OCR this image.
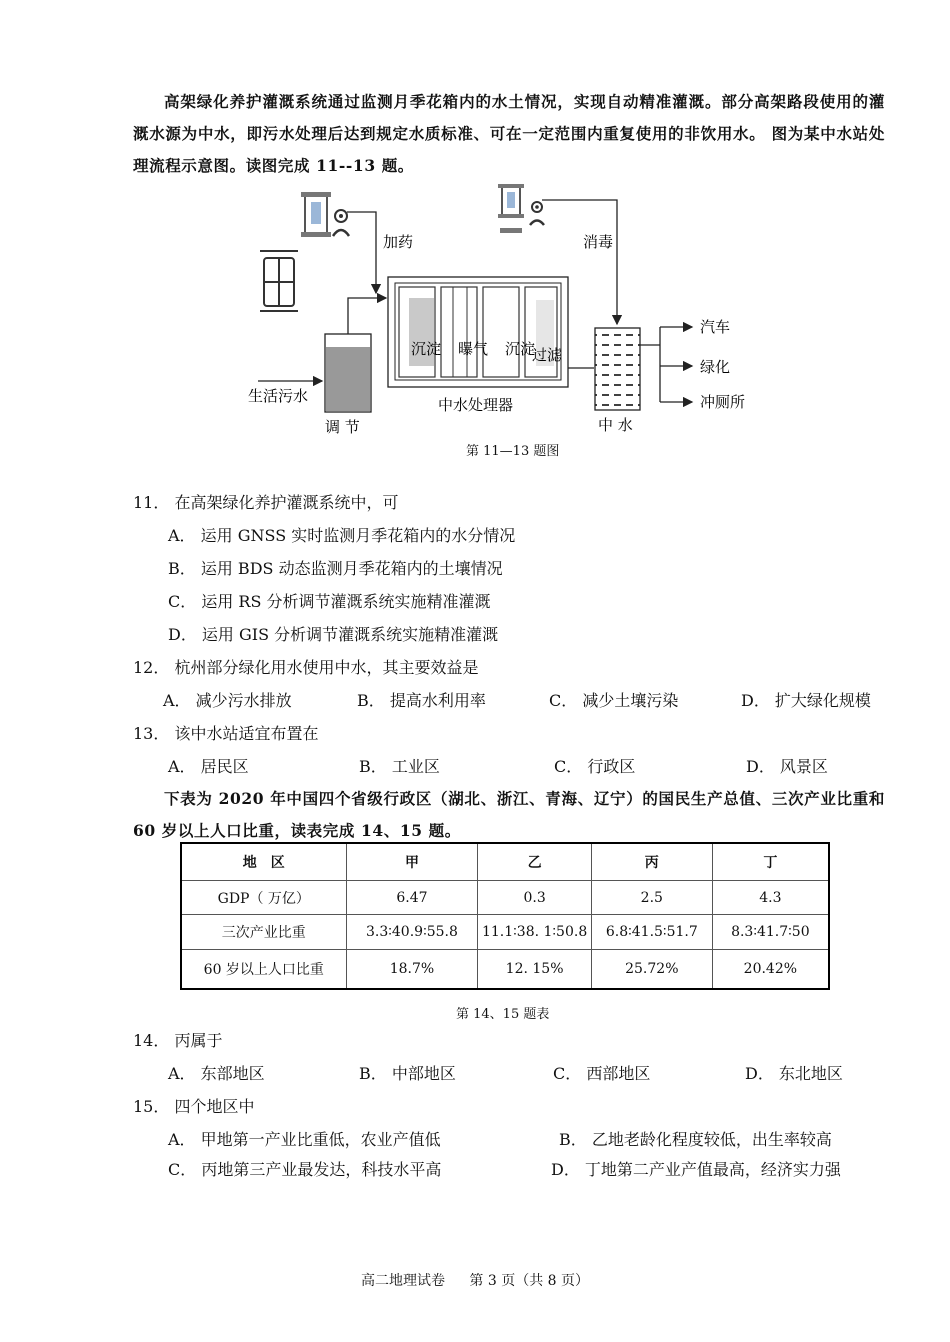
高架绿化养护灌溉系统通过监测月季花箱内的水土情况，实现自动精准灌溉。部分高架路段使用的灌溉水源为中水，即污水处理后达到规定水质标准、可在一定范围内重复使用的非饮用水。 图为某中水站处理流程示意图。读图完成 11--13 题。
加药	消毒
生活污水
调 节
沉淀 曝气 沉淀
过滤
中水处理器
中 水
汽车
绿化
冲厕所
第 11—13 题图
11． 在高架绿化养护灌溉系统中，可
A． 运用 GNSS 实时监测月季花箱内的水分情况
B． 运用 BDS 动态监测月季花箱内的土壤情况
C． 运用 RS 分析调节灌溉系统实施精准灌溉
D． 运用 GIS 分析调节灌溉系统实施精准灌溉
12． 杭州部分绿化用水使用中水，其主要效益是
A． 减少污水排放	B． 提高水利用率	C． 减少土壤污染	D． 扩大绿化规模
13． 该中水站适宜布置在
A． 居民区	B． 工业区	C． 行政区	D． 风景区
下表为 2020 年中国四个省级行政区（湖北、浙江、青海、辽宁）的国民生产总值、三次产业比重和 60 岁以上人口比重，读表完成 14、15 题。
地　区	甲	乙	丙	丁
GDP（ 万亿）	6.47	0.3	2.5	4.3
三次产业比重	3.3∶40.9∶55.8	11.1∶38. 1∶50.8	6.8∶41.5∶51.7	8.3∶41.7∶50
60 岁以上人口比重	18.7%	12. 15%	25.72%	20.42%
第 14、15 题表
14． 丙属于
A． 东部地区	B． 中部地区	C． 西部地区	D． 东北地区
15． 四个地区中
A． 甲地第一产业比重低，农业产值低	B． 乙地老龄化程度较低，出生率较高
C． 丙地第三产业最发达，科技水平高	D． 丁地第二产业产值最高，经济实力强
高二地理试卷 第 3 页（共 8 页）
